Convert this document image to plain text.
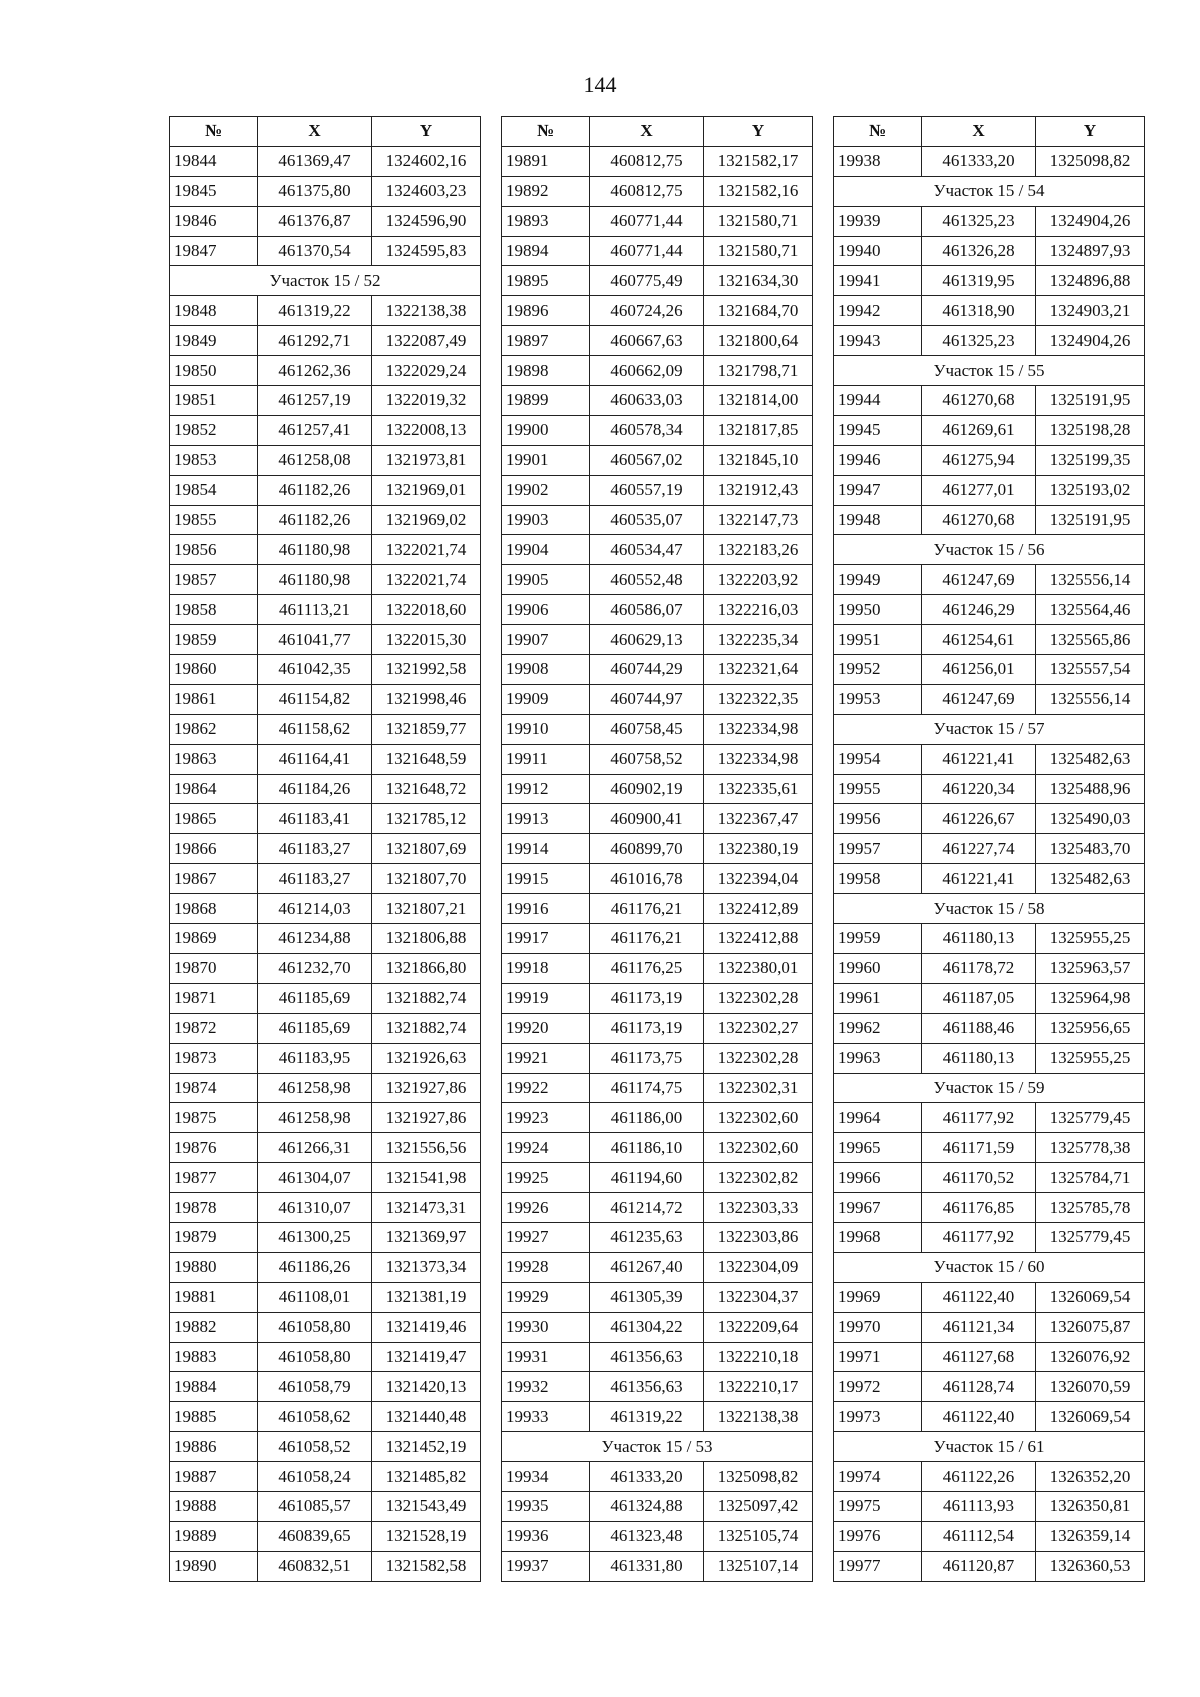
144
№	X	Y
19844	461369,47	1324602,16
19845	461375,80	1324603,23
19846	461376,87	1324596,90
19847	461370,54	1324595,83
Участок 15 / 52		
19848	461319,22	1322138,38
19849	461292,71	1322087,49
19850	461262,36	1322029,24
19851	461257,19	1322019,32
19852	461257,41	1322008,13
19853	461258,08	1321973,81
19854	461182,26	1321969,01
19855	461182,26	1321969,02
19856	461180,98	1322021,74
19857	461180,98	1322021,74
19858	461113,21	1322018,60
19859	461041,77	1322015,30
19860	461042,35	1321992,58
19861	461154,82	1321998,46
19862	461158,62	1321859,77
19863	461164,41	1321648,59
19864	461184,26	1321648,72
19865	461183,41	1321785,12
19866	461183,27	1321807,69
19867	461183,27	1321807,70
19868	461214,03	1321807,21
19869	461234,88	1321806,88
19870	461232,70	1321866,80
19871	461185,69	1321882,74
19872	461185,69	1321882,74
19873	461183,95	1321926,63
19874	461258,98	1321927,86
19875	461258,98	1321927,86
19876	461266,31	1321556,56
19877	461304,07	1321541,98
19878	461310,07	1321473,31
19879	461300,25	1321369,97
19880	461186,26	1321373,34
19881	461108,01	1321381,19
19882	461058,80	1321419,46
19883	461058,80	1321419,47
19884	461058,79	1321420,13
19885	461058,62	1321440,48
19886	461058,52	1321452,19
19887	461058,24	1321485,82
19888	461085,57	1321543,49
19889	460839,65	1321528,19
19890	460832,51	1321582,58
№	X	Y
19891	460812,75	1321582,17
19892	460812,75	1321582,16
19893	460771,44	1321580,71
19894	460771,44	1321580,71
19895	460775,49	1321634,30
19896	460724,26	1321684,70
19897	460667,63	1321800,64
19898	460662,09	1321798,71
19899	460633,03	1321814,00
19900	460578,34	1321817,85
19901	460567,02	1321845,10
19902	460557,19	1321912,43
19903	460535,07	1322147,73
19904	460534,47	1322183,26
19905	460552,48	1322203,92
19906	460586,07	1322216,03
19907	460629,13	1322235,34
19908	460744,29	1322321,64
19909	460744,97	1322322,35
19910	460758,45	1322334,98
19911	460758,52	1322334,98
19912	460902,19	1322335,61
19913	460900,41	1322367,47
19914	460899,70	1322380,19
19915	461016,78	1322394,04
19916	461176,21	1322412,89
19917	461176,21	1322412,88
19918	461176,25	1322380,01
19919	461173,19	1322302,28
19920	461173,19	1322302,27
19921	461173,75	1322302,28
19922	461174,75	1322302,31
19923	461186,00	1322302,60
19924	461186,10	1322302,60
19925	461194,60	1322302,82
19926	461214,72	1322303,33
19927	461235,63	1322303,86
19928	461267,40	1322304,09
19929	461305,39	1322304,37
19930	461304,22	1322209,64
19931	461356,63	1322210,18
19932	461356,63	1322210,17
19933	461319,22	1322138,38
Участок 15 / 53		
19934	461333,20	1325098,82
19935	461324,88	1325097,42
19936	461323,48	1325105,74
19937	461331,80	1325107,14
№	X	Y
19938	461333,20	1325098,82
Участок 15 / 54		
19939	461325,23	1324904,26
19940	461326,28	1324897,93
19941	461319,95	1324896,88
19942	461318,90	1324903,21
19943	461325,23	1324904,26
Участок 15 / 55		
19944	461270,68	1325191,95
19945	461269,61	1325198,28
19946	461275,94	1325199,35
19947	461277,01	1325193,02
19948	461270,68	1325191,95
Участок 15 / 56		
19949	461247,69	1325556,14
19950	461246,29	1325564,46
19951	461254,61	1325565,86
19952	461256,01	1325557,54
19953	461247,69	1325556,14
Участок 15 / 57		
19954	461221,41	1325482,63
19955	461220,34	1325488,96
19956	461226,67	1325490,03
19957	461227,74	1325483,70
19958	461221,41	1325482,63
Участок 15 / 58		
19959	461180,13	1325955,25
19960	461178,72	1325963,57
19961	461187,05	1325964,98
19962	461188,46	1325956,65
19963	461180,13	1325955,25
Участок 15 / 59		
19964	461177,92	1325779,45
19965	461171,59	1325778,38
19966	461170,52	1325784,71
19967	461176,85	1325785,78
19968	461177,92	1325779,45
Участок 15 / 60		
19969	461122,40	1326069,54
19970	461121,34	1326075,87
19971	461127,68	1326076,92
19972	461128,74	1326070,59
19973	461122,40	1326069,54
Участок 15 / 61		
19974	461122,26	1326352,20
19975	461113,93	1326350,81
19976	461112,54	1326359,14
19977	461120,87	1326360,53
